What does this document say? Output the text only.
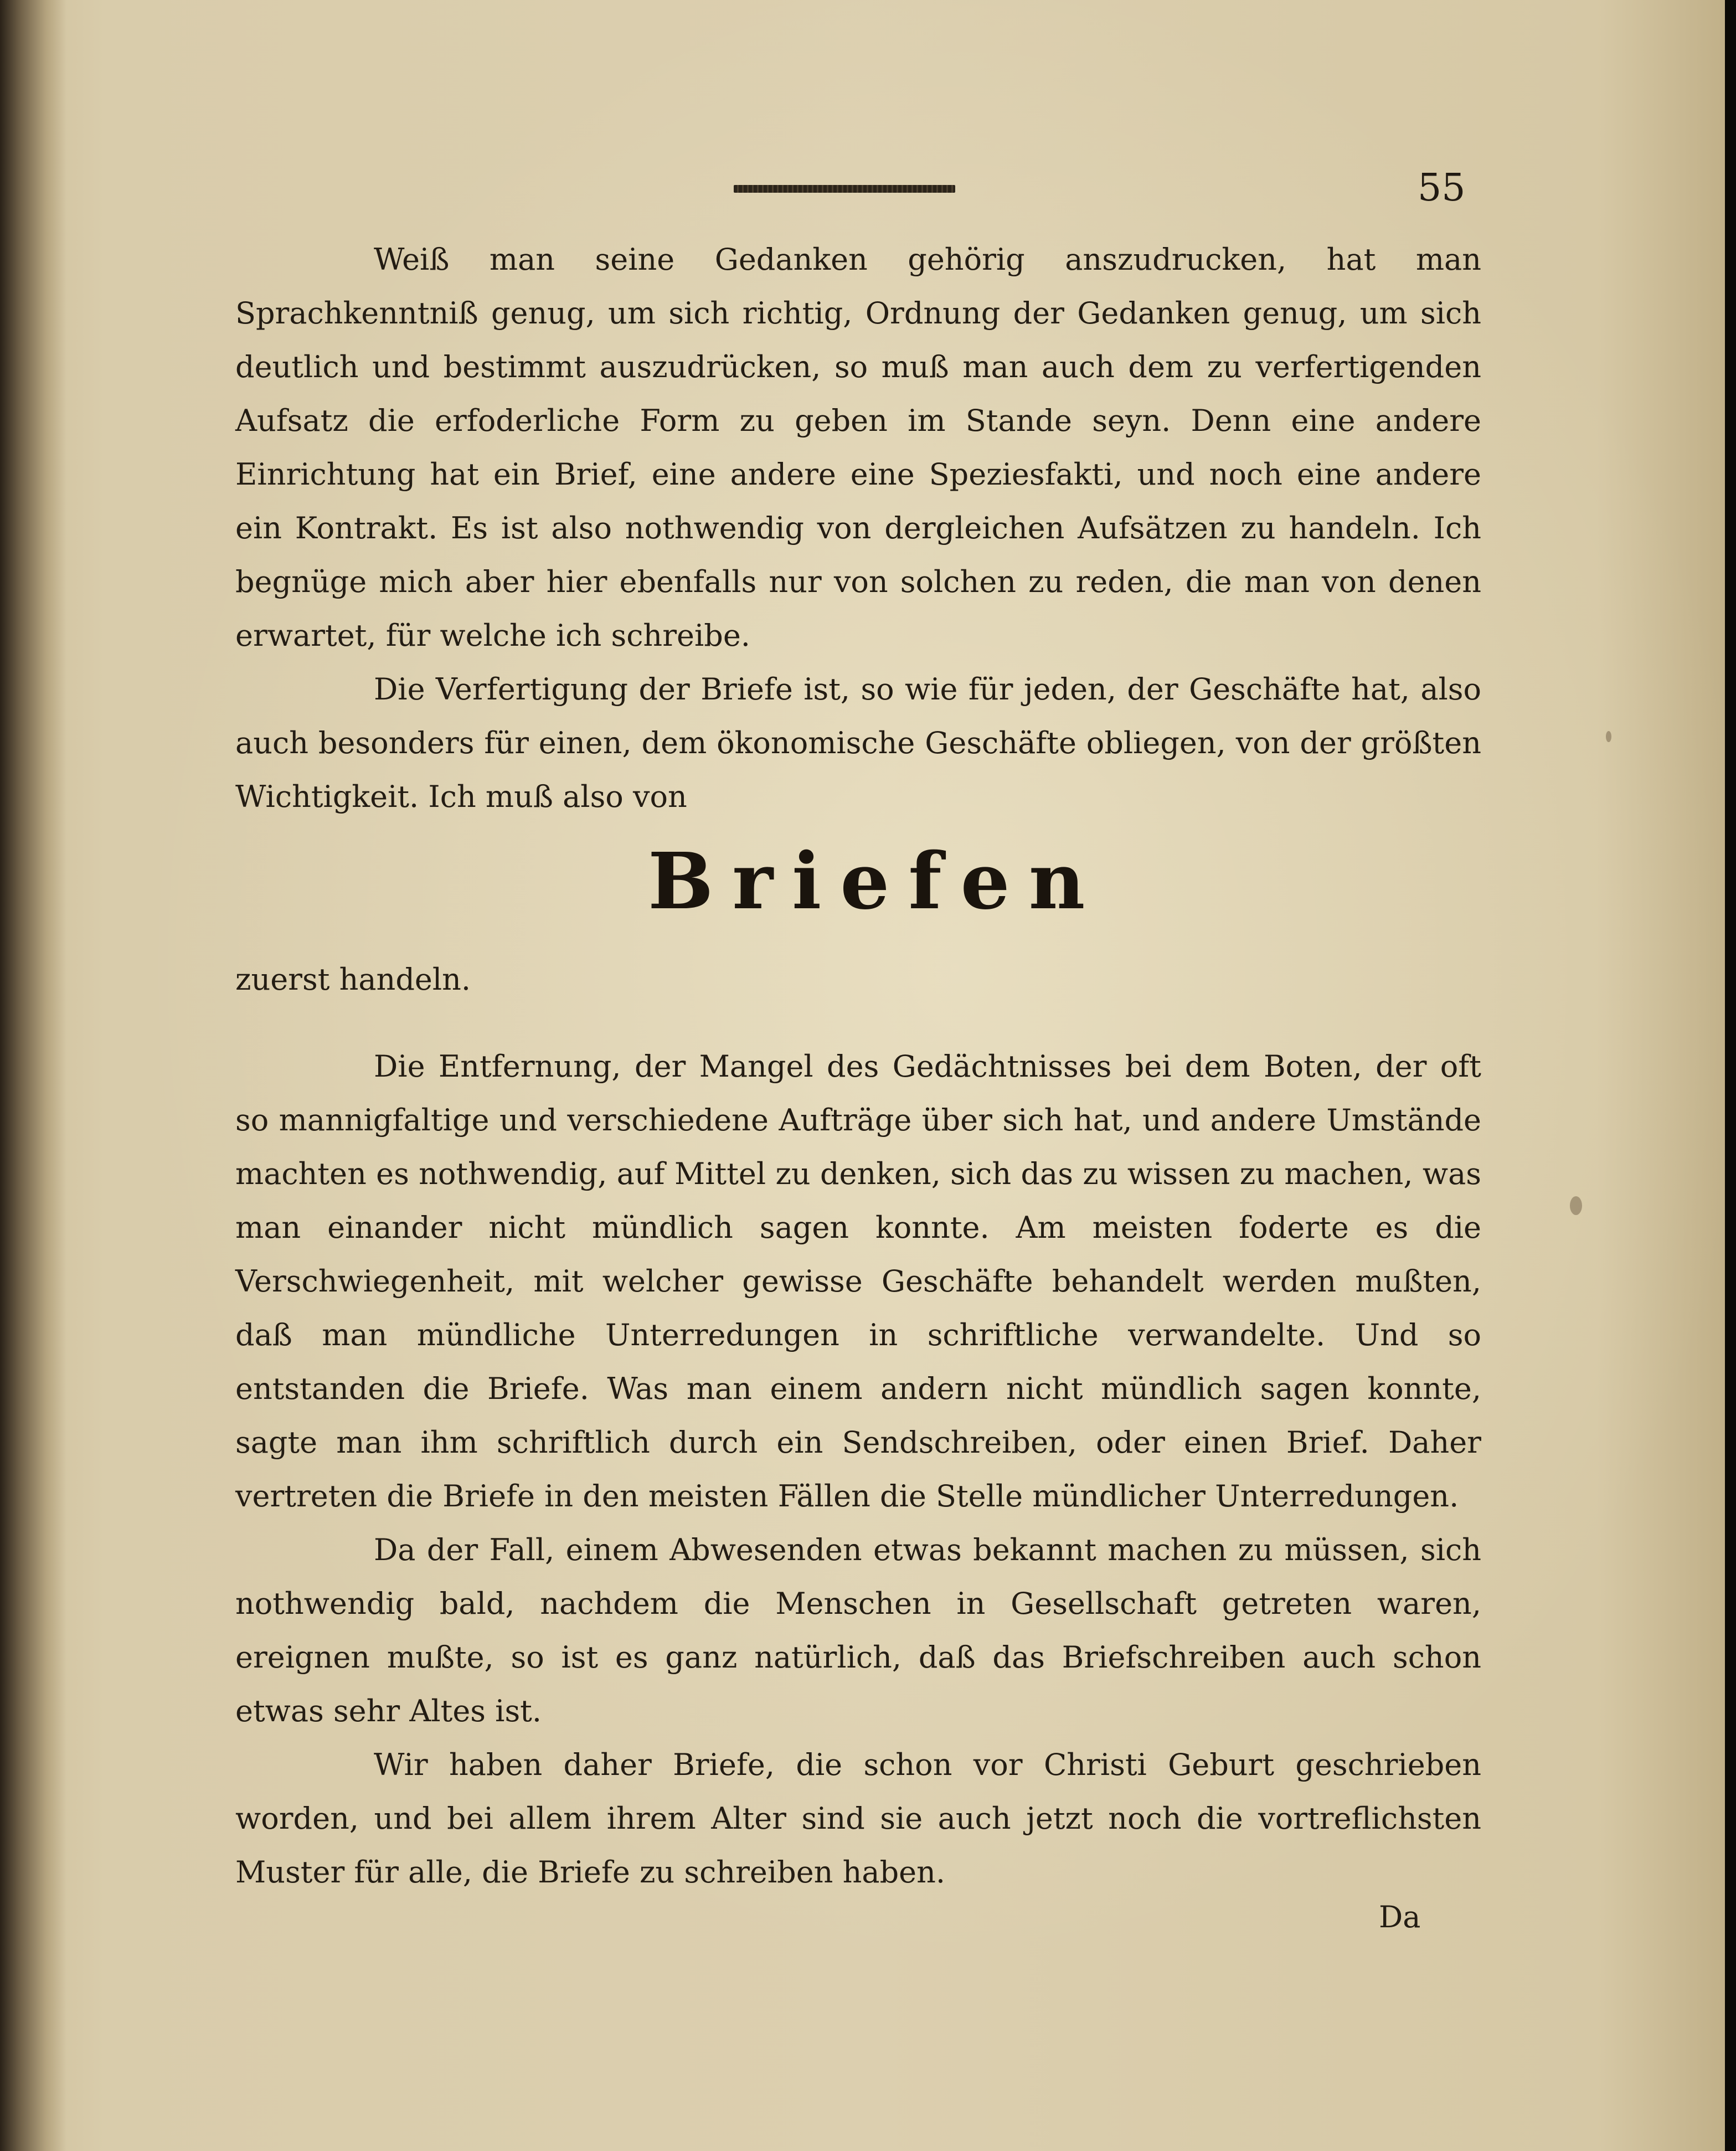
55

Weiß man seine Gedanken gehörig anszudrucken, hat man Sprachkenntniß genug, um sich richtig, Ordnung der Gedanken genug, um sich deutlich und bestimmt auszudrücken, so muß man auch dem zu verfertigenden Aufsatz die erfoderliche Form zu geben im Stande seyn. Denn eine andere Einrichtung hat ein Brief, eine andere eine Speziesfakti, und noch eine andere ein Kontrakt. Es ist also nothwendig von dergleichen Aufsätzen zu handeln. Ich begnüge mich aber hier ebenfalls nur von solchen zu reden, die man von denen erwartet, für welche ich schreibe.

Die Verfertigung der Briefe ist, so wie für jeden, der Geschäfte hat, also auch besonders für einen, dem ökonomische Geschäfte obliegen, von der größten Wichtigkeit. Ich muß also von

Briefen

zuerst handeln.

Die Entfernung, der Mangel des Gedächtnisses bei dem Boten, der oft so mannigfaltige und verschiedene Aufträge über sich hat, und andere Umstände machten es nothwendig, auf Mittel zu denken, sich das zu wissen zu machen, was man einander nicht mündlich sagen konnte. Am meisten foderte es die Verschwiegenheit, mit welcher gewisse Geschäfte behandelt werden mußten, daß man mündliche Unterredungen in schriftliche verwandelte. Und so entstanden die Briefe. Was man einem andern nicht mündlich sagen konnte, sagte man ihm schriftlich durch ein Sendschreiben, oder einen Brief. Daher vertreten die Briefe in den meisten Fällen die Stelle mündlicher Unterredungen.

Da der Fall, einem Abwesenden etwas bekannt machen zu müssen, sich nothwendig bald, nachdem die Menschen in Gesellschaft getreten waren, ereignen mußte, so ist es ganz natürlich, daß das Briefschreiben auch schon etwas sehr Altes ist.

Wir haben daher Briefe, die schon vor Christi Geburt geschrieben worden, und bei allem ihrem Alter sind sie auch jetzt noch die vortreflichsten Muster für alle, die Briefe zu schreiben haben.

Da
